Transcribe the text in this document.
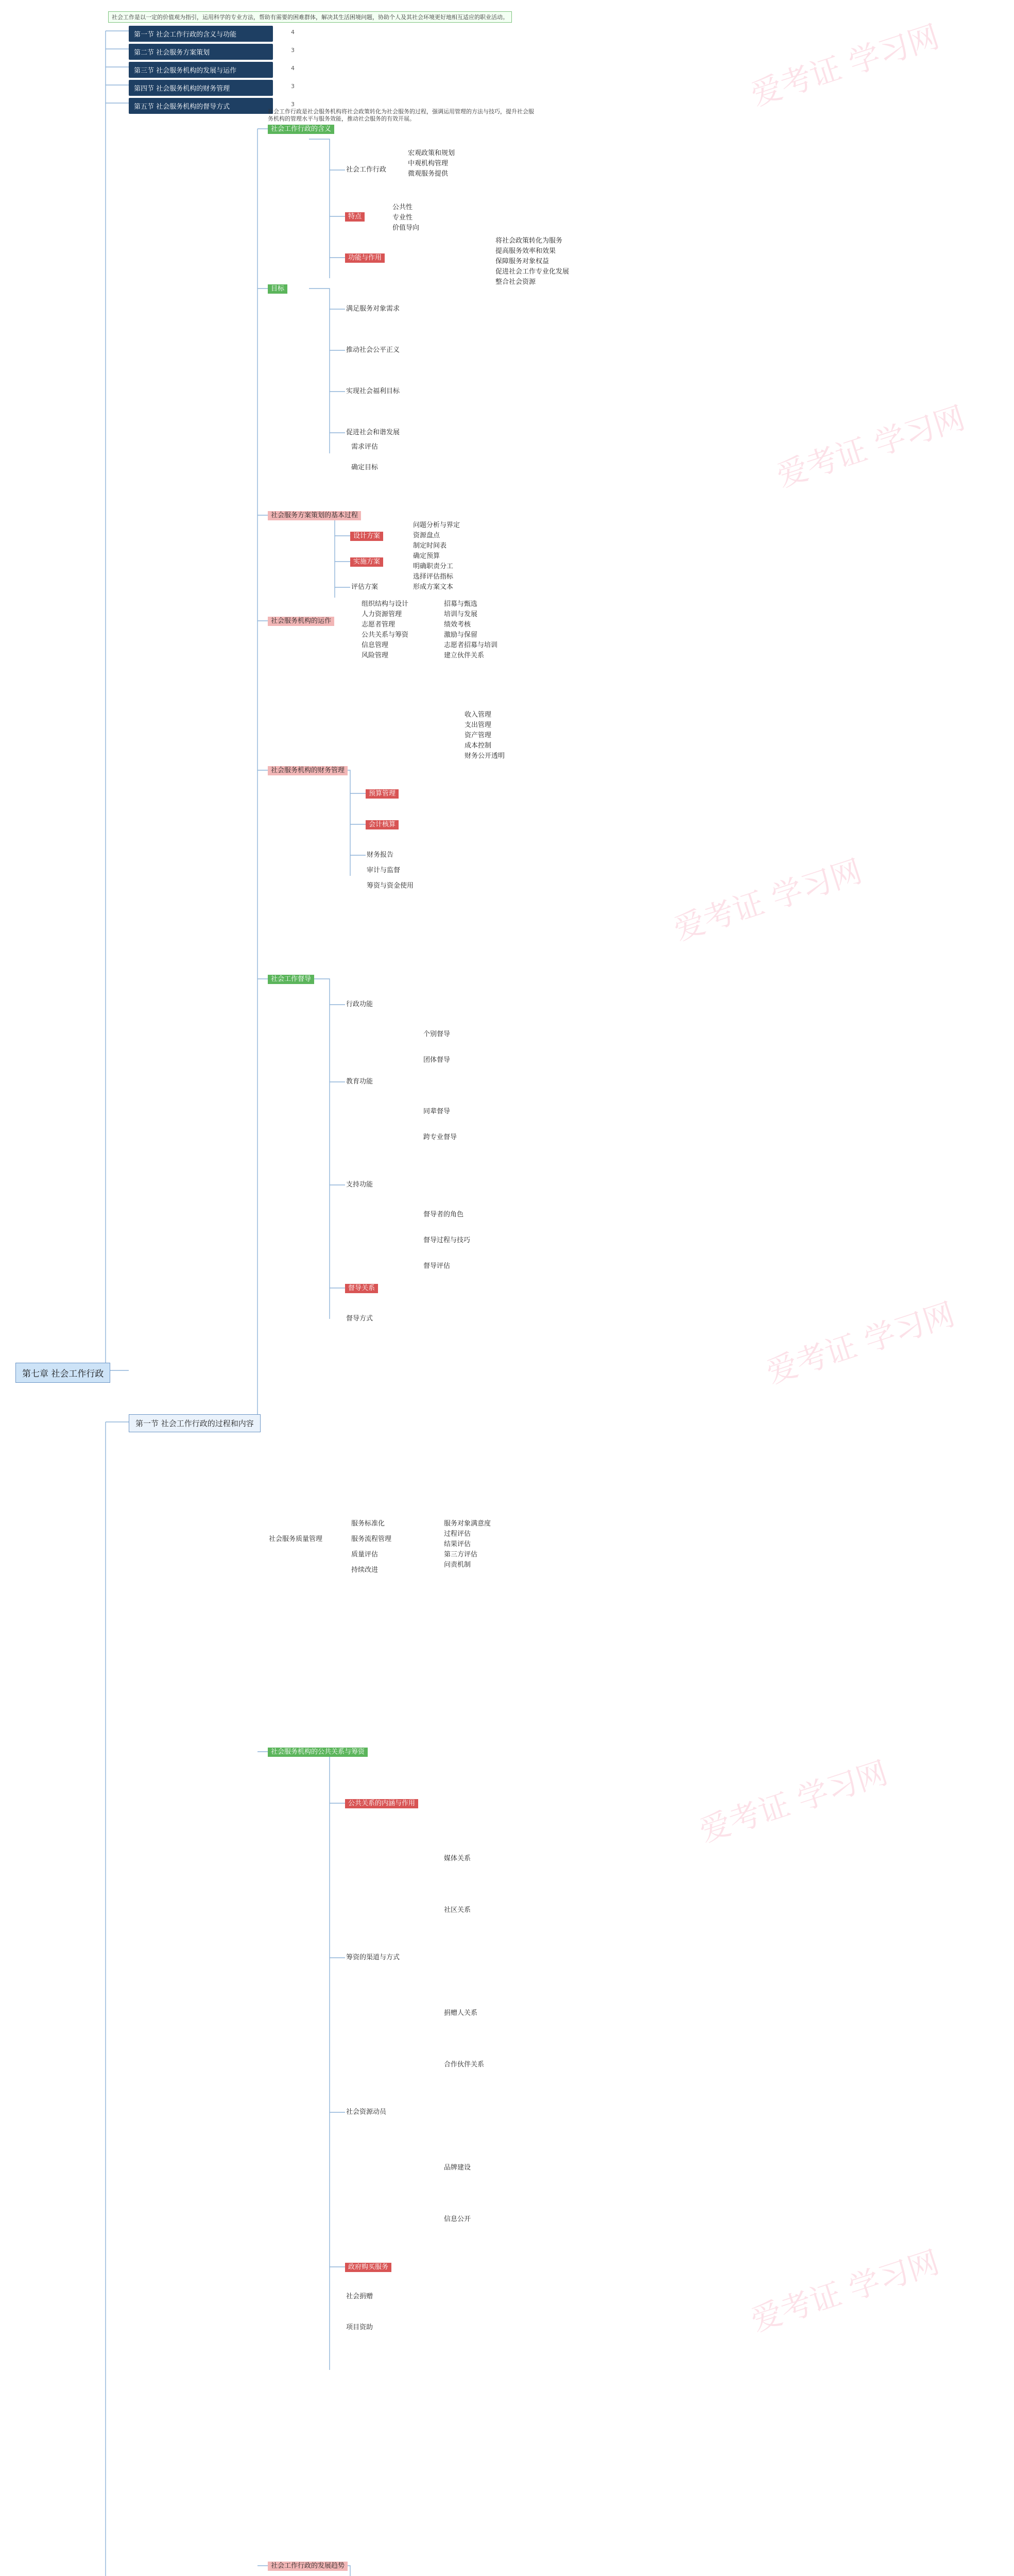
爱考证 学习网
爱考证 学习网
爱考证 学习网
爱考证 学习网
爱考证 学习网
爱考证 学习网
社会工作是以一定的价值观为指引，运用科学的专业方法，帮助有需要的困难群体，解决其生活困境问题，协助个人及其社会环境更好地相互适应的职业活动。
第一节 社会工作行政的含义与功能	4
第二节 社会服务方案策划	3
第三节 社会服务机构的发展与运作	4
第四节 社会服务机构的财务管理	3
第五节 社会服务机构的督导方式	3
第七章 社会工作行政
第一节 社会工作行政的过程和内容
社会工作行政是社会服务机构将社会政策转化为社会服务的过程，强调运用管理的方法与技巧，提升社会服务机构的管理水平与服务效能，推动社会服务的有效开展。
社会工作行政的含义
社会工作行政
宏观政策和规划
中观机构管理
微观服务提供
特点
公共性
专业性
价值导向
功能与作用
将社会政策转化为服务
提高服务效率和效果
保障服务对象权益
促进社会工作专业化发展
整合社会资源
目标
满足服务对象需求
推动社会公平正义
实现社会福利目标
促进社会和谐发展
社会服务方案策划的基本过程
需求评估
确定目标
设计方案
实施方案
评估方案
问题分析与界定
资源盘点
制定时间表
确定预算
明确职责分工
选择评估指标
形成方案文本
社会服务机构的运作
组织结构与设计
人力资源管理
志愿者管理
公共关系与筹资
信息管理
风险管理
招募与甄选
培训与发展
绩效考核
激励与保留
志愿者招募与培训
建立伙伴关系
社会服务机构的财务管理
预算管理
会计核算
财务报告
审计与监督
筹资与资金使用
收入管理
支出管理
资产管理
成本控制
财务公开透明
社会工作督导
行政功能
教育功能
支持功能
督导关系
督导方式
个别督导
团体督导
同辈督导
跨专业督导
督导者的角色
督导过程与技巧
督导评估
社会服务机构的公共关系与筹资
公共关系的内涵与作用
筹资的渠道与方式
社会资源动员
政府购买服务
社会捐赠
项目资助
媒体关系
社区关系
捐赠人关系
合作伙伴关系
品牌建设
信息公开
社会服务质量管理
服务标准化
服务流程管理
质量评估
持续改进
服务对象满意度
过程评估
结果评估
第三方评估
问责机制
社会工作行政的发展趋势
